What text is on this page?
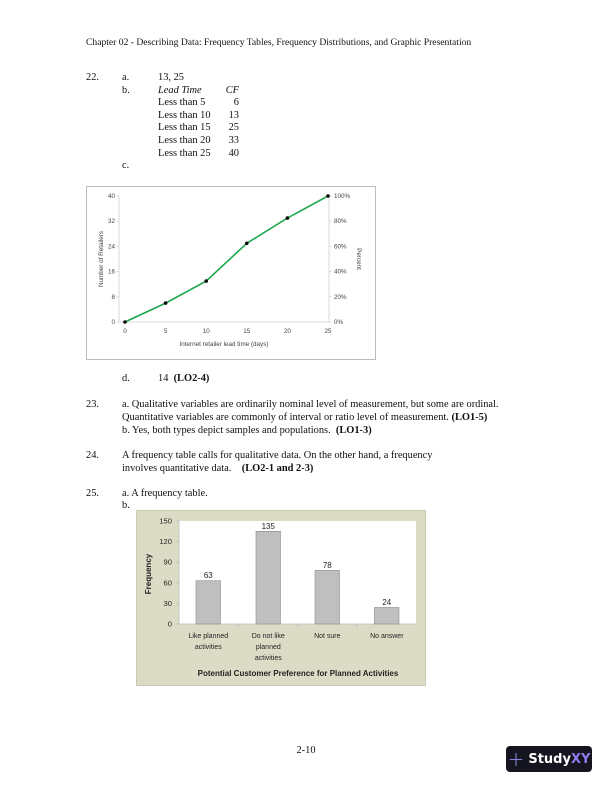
Chapter 02 - Describing Data: Frequency Tables, Frequency Distributions, and Graphic Presentation
22. a.	13, 25
b.	Lead Time	CF
Less than 5	6
Less than 10	13
Less than 15	25
Less than 20	33
Less than 25	40
c.
0
8
16
24
32
40
0%
20%
40%
60%
80%
100%
0	5	10	15	20	25
Internet retailer lead time (days)
Number of Retailers	Percent
d.	14 (LO2-4)
23. a. Qualitative variables are ordinarily nominal level of measurement, but some are ordinal.
Quantitative variables are commonly of interval or ratio level of measurement. (LO1-5)
b. Yes, both types depict samples and populations. (LO1-3)
24. A frequency table calls for qualitative data. On the other hand, a frequency
involves quantitative data. (LO2-1 and 2-3)
25. a. A frequency table.
b.
0
30
60
90
120
150
Frequency	63
135
78
24
Like planned
activities
Do not like
planned
activities
Not sure	No answer
Potential Customer Preference for Planned Activities
2-10	+ StudyXY
